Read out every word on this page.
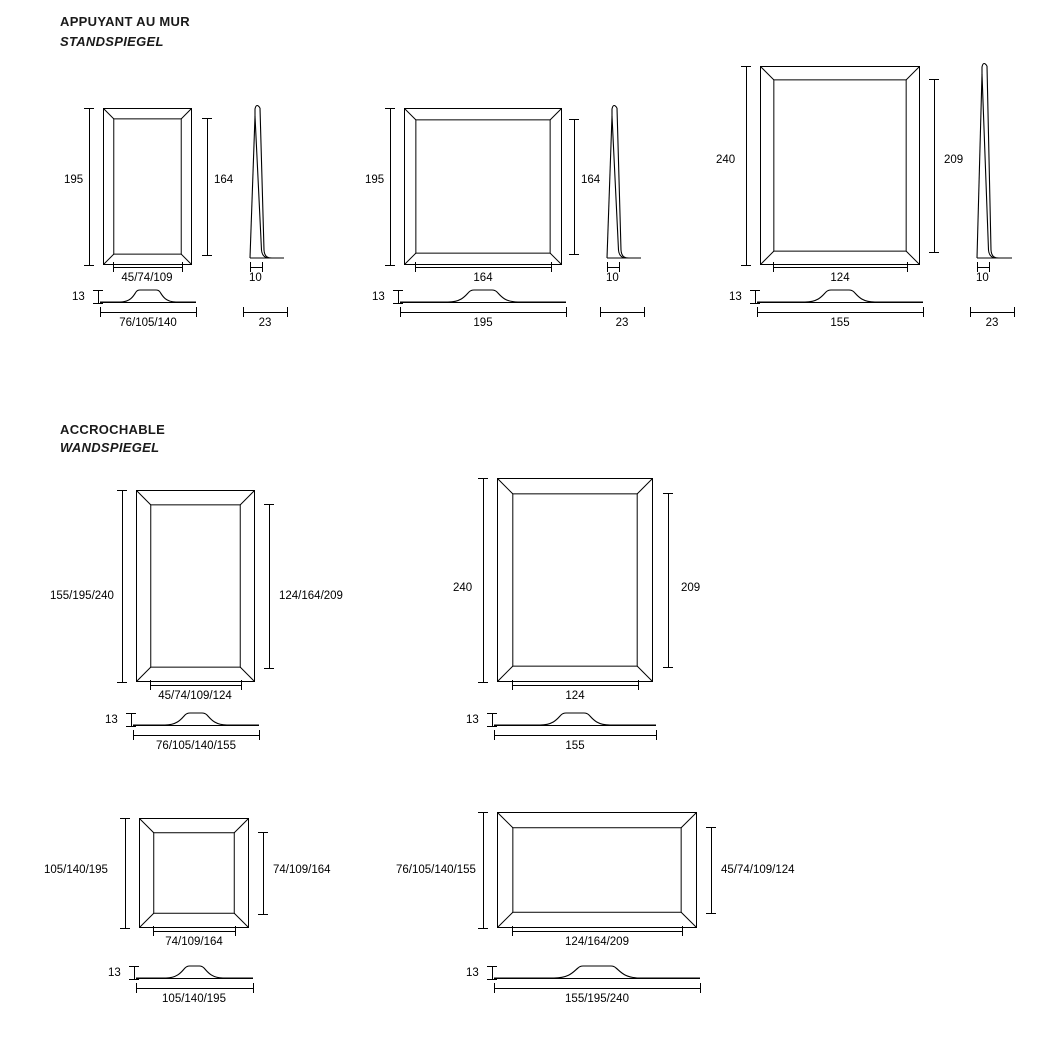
APPUYANT AU MUR
STANDSPIEGEL
195	164
45/74/109
13
76/105/140
10
23
195	164
164
13
195
10
23
240	209
124
13
155
10
23
ACCROCHABLE
WANDSPIEGEL
155/195/240	124/164/209
45/74/109/124
13
76/105/140/155
240	209
124
13
155
105/140/195	74/109/164
74/109/164
13
105/140/195
76/105/140/155	45/74/109/124
124/164/209
13
155/195/240
